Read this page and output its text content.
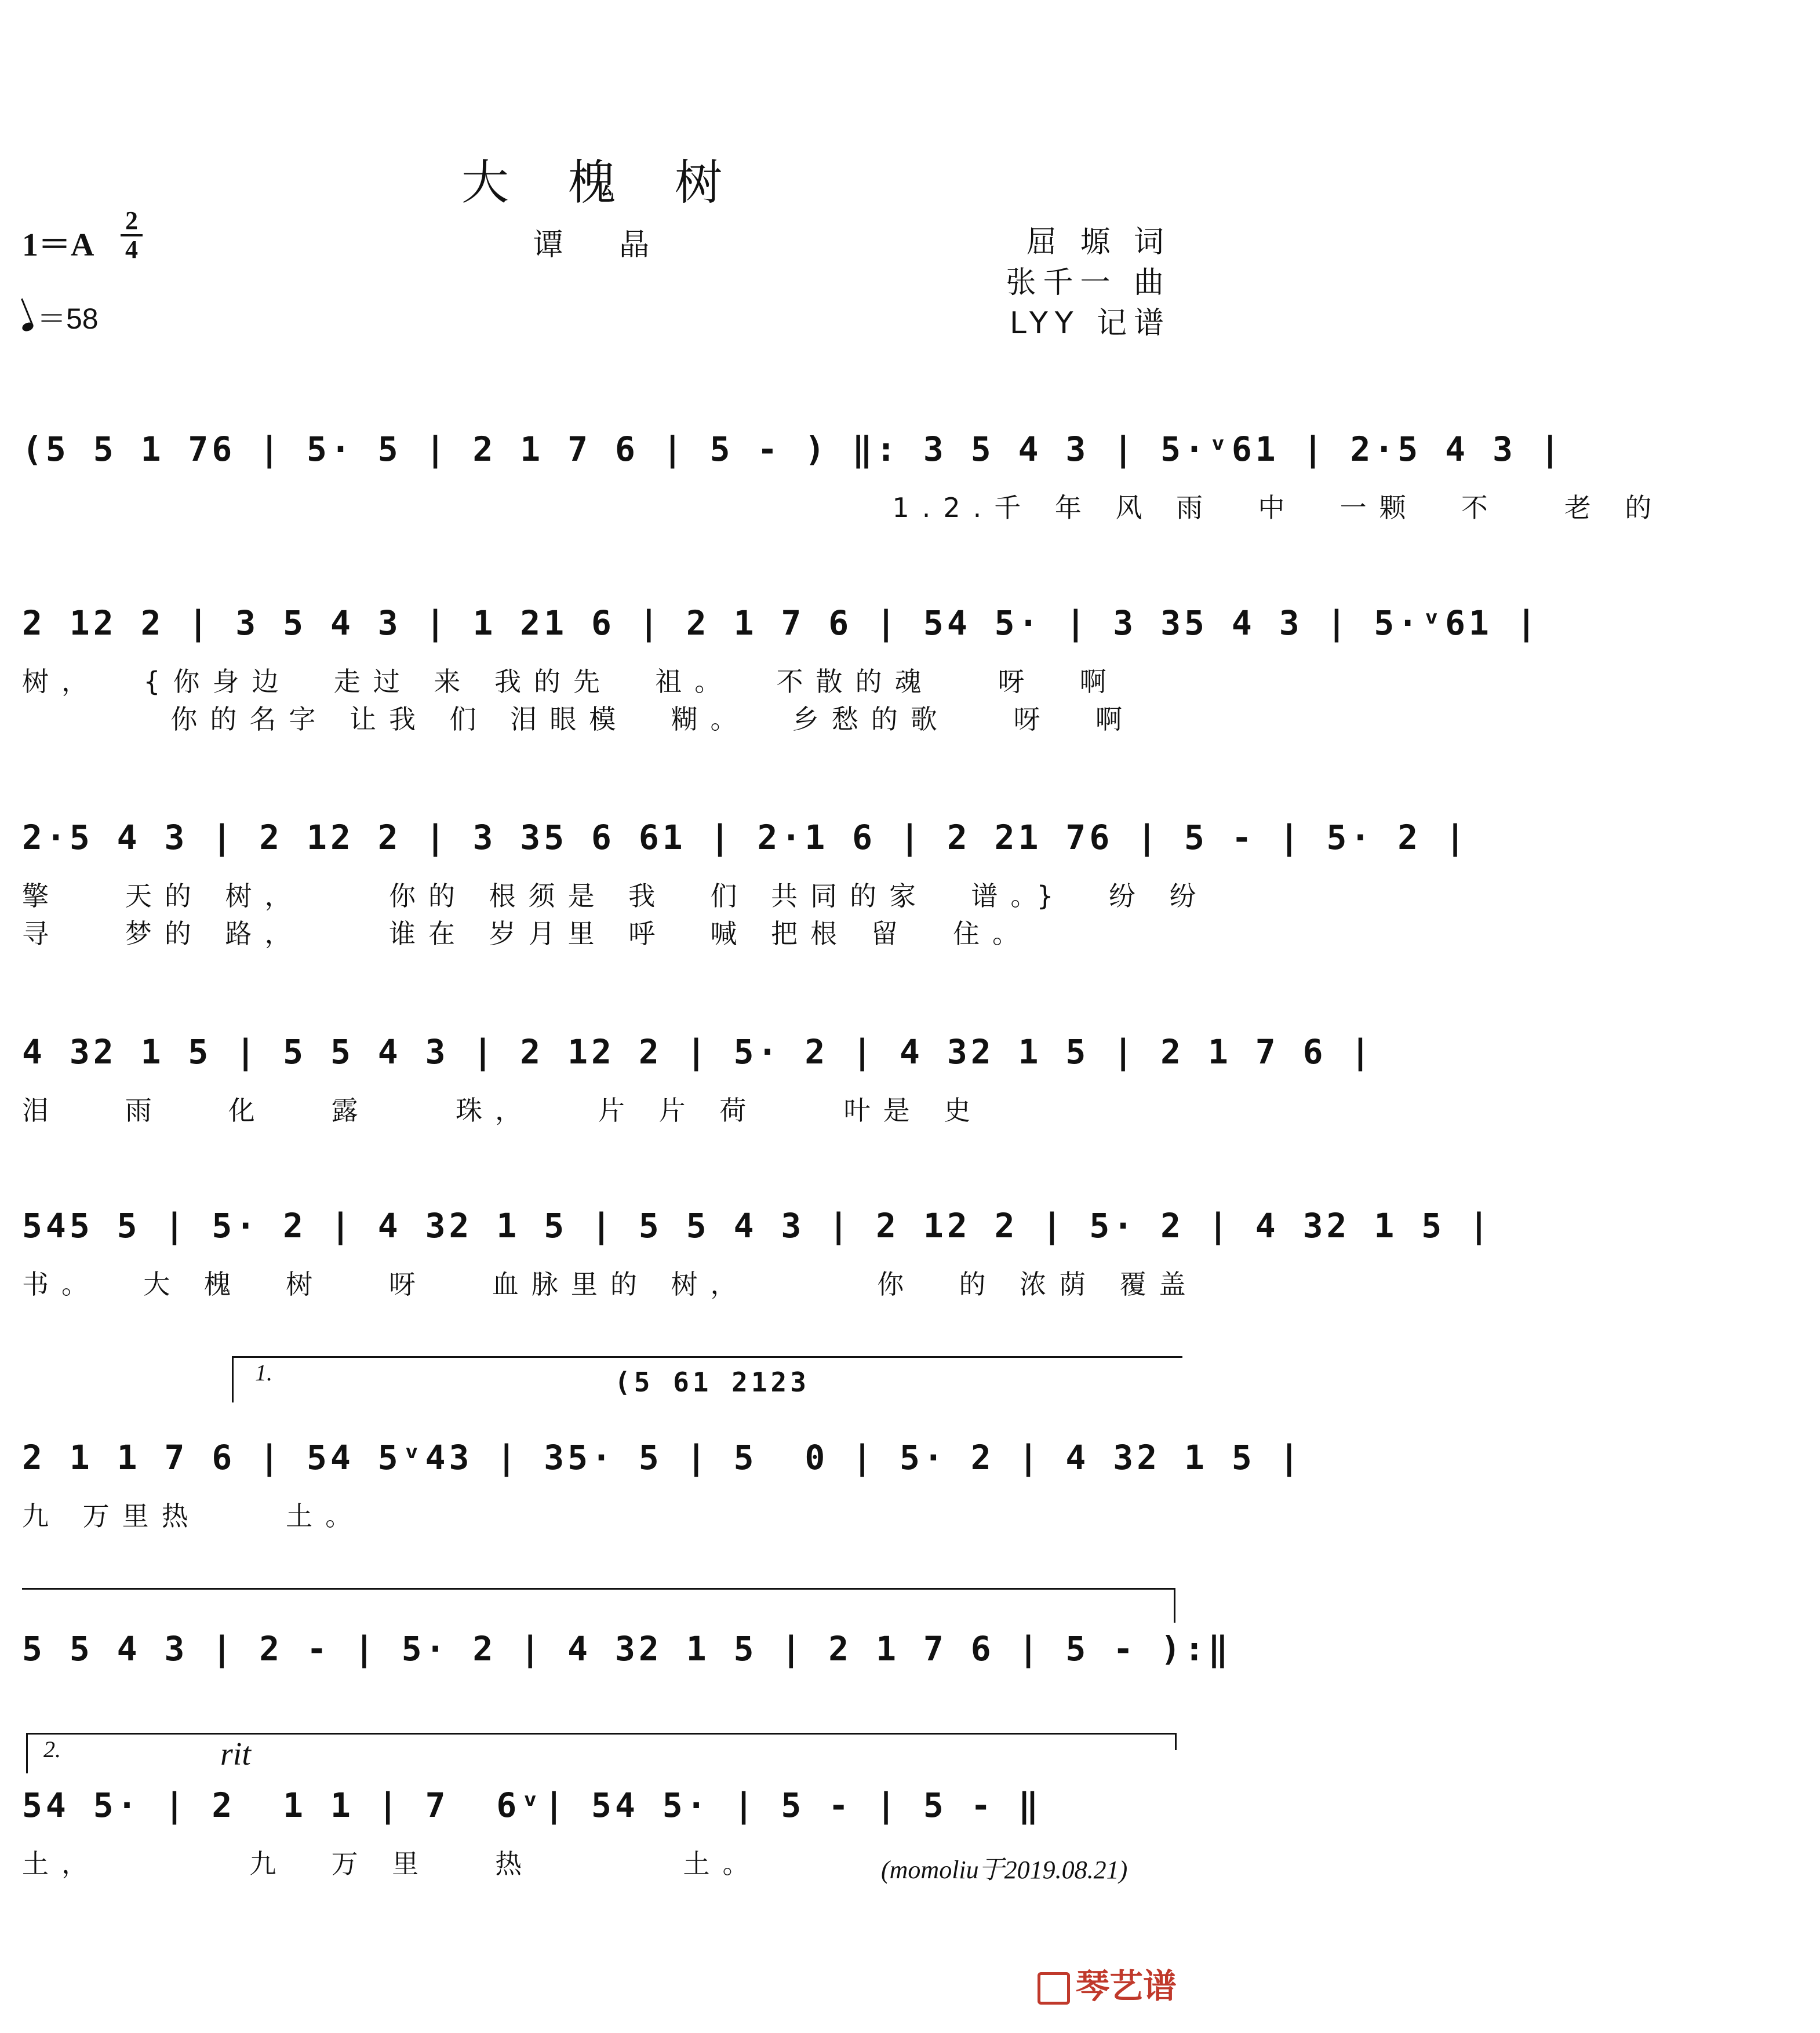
大 槐 树
1＝A
2
4
＝58
谭 晶	屈 塬 词
张千一 曲
LYY 记谱
(5 5 1 76 | 5· 5 | 2 1 7 6 | 5 - ) ‖: 3 5 4 3 | 5·ᵛ61 | 2·5 4 3 |
1.2.千 年 风 雨  中  一颗  不   老 的
2 12 2 | 3 5 4 3 | 1 21 6 | 2 1 7 6 | 54 5· | 3 35 4 3 | 5·ᵛ61 |
树，  {你身边  走过 来 我的先  祖。  不散的魂   呀  啊
你的名字 让我 们 泪眼模  糊。  乡愁的歌   呀  啊
2·5 4 3 | 2 12 2 | 3 35 6 61 | 2·1 6 | 2 21 76 | 5 - | 5· 2 |
擎   天的 树，    你的 根须是 我  们 共同的家  谱。}  纷 纷
寻   梦的 路，    谁在 岁月里 呼  喊 把根 留  住。
4 32 1 5 | 5 5 4 3 | 2 12 2 | 5· 2 | 4 32 1 5 | 2 1 7 6 |
泪   雨   化   露    珠，   片 片 荷    叶是 史
545 5 | 5· 2 | 4 32 1 5 | 5 5 4 3 | 2 12 2 | 5· 2 | 4 32 1 5 |
书。  大 槐  树   呀   血脉里的 树，      你  的 浓荫 覆盖
1.	(5 61 2123
2 1 1 7 6 | 54 5ᵛ43 | 35· 5 | 5  0 | 5· 2 | 4 32 1 5 |
九 万里热    土。
5 5 4 3 | 2 - | 5· 2 | 4 32 1 5 | 2 1 7 6 | 5 - ):‖
2.	rit
54 5· | 2  1 1 | 7  6ᵛ| 54 5· | 5 - | 5 - ‖
土，       九  万 里   热       土。	(momoliu于2019.08.21)
琴艺谱
